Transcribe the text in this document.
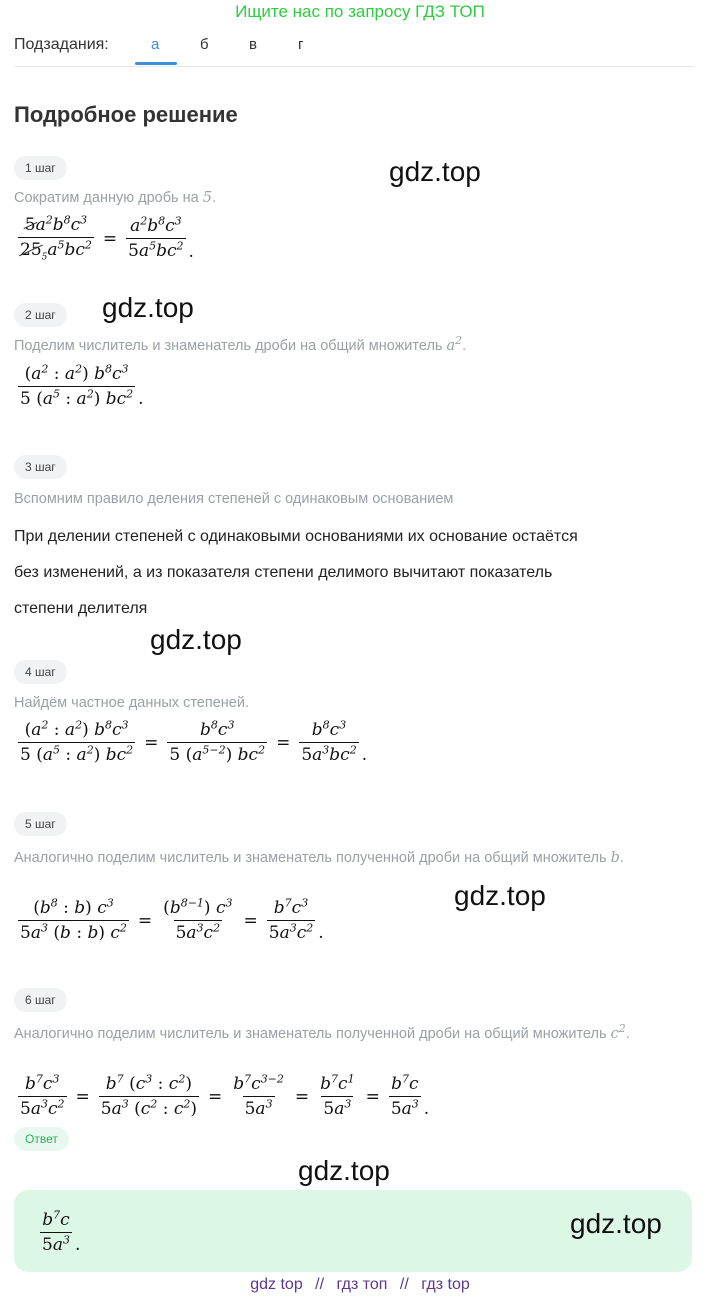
Ищите нас по запросу ГДЗ ТОП
Подзадания:	а	б	в	г
Подробное решение
1 шаг
Сократим данную дробь на 5.
$\frac{5a^2b^8c^3}{25_5a^5bc^2} = \frac{a^2b^8c^3}{5a^5bc^2}$ .
2 шаг
Поделим числитель и знаменатель дроби на общий множитель $a^2$.
$\frac{(a^2 : a^2) b^8c^3}{5 (a^5 : a^2) bc^2}$ .
3 шаг
Вспомним правило деления степеней с одинаковым основанием
При делении степеней с одинаковыми основаниями их основание остаётся
без изменений, а из показателя степени делимого вычитают показатель
степени делителя
4 шаг
Найдём частное данных степеней.
$\frac{(a^2 : a^2) b^8c^3}{5 (a^5 : a^2) bc^2} = \frac{b^8c^3}{5 (a^{5-2}) bc^2} = \frac{b^8c^3}{5a^3bc^2}$ .
5 шаг
Аналогично поделим числитель и знаменатель полученной дроби на общий множитель b.
$\frac{(b^8 : b) c^3}{5a^3 (b : b) c^2} = \frac{(b^{8-1}) c^3}{5a^3c^2} = \frac{b^7c^3}{5a^3c^2}$ .
6 шаг
Аналогично поделим числитель и знаменатель полученной дроби на общий множитель $c^2$.
$\frac{b^7c^3}{5a^3c^2} = \frac{b^7 (c^3 : c^2)}{5a^3 (c^2 : c^2)} = \frac{b^7c^{3-2}}{5a^3} = \frac{b^7c^1}{5a^3} = \frac{b^7c}{5a^3}$ .
Ответ
$\frac{b^7c}{5a^3}$ .
gdz.top
gdz.top
gdz.top
gdz.top
gdz.top
gdz.top
gdz top // гдз топ // гдз top
